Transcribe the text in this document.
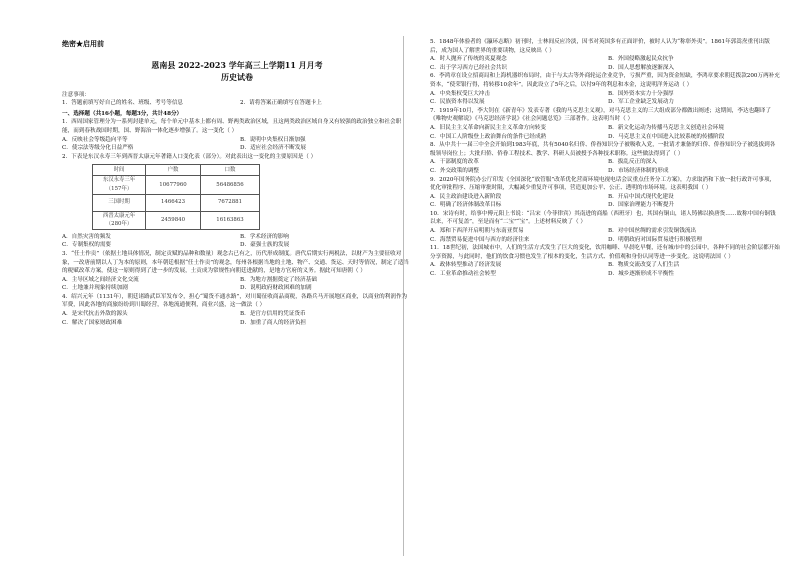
绝密★启用前
恩南县 2022-2023 学年高三上学期11 月月考
历史试卷
注意事项：
1．答题前填写好自己的姓名、班级、考号等信息	2．请将答案正确填写在答题卡上
一、选择题（共16小题，每题3分，共计48分）

1．西周国家管理分为一系列封建单元，每个单元中基本上都有周、野两类政治区域，且这两类政治区域自身又有较强的政治独立和社会职能，而到春秋战国时期，国、野海治一体化逐步增强了。这一变化（ ）

A．反映社会等级趋向平等	B．说明中央集权日渐加强
C．使宗法等级分化日益严格	D．适应社会经济不断发展

2．下表是东汉永寿三年到西晋太康元年著籍人口变化表（部分）。对此表出这一变化的主要原因是（ ）

时间	户数	口数
东汉永寿三年（157年）	10677960	56486856
三国时期	1466423	7672881
西晋太康元年（280年）	2459840	16163863
A．自然灾害的频发	B．学术经济的影响
C．专制集权的需要	D．豪强士族的发展

3．“任土作贡”（依据土地具体情况，制定贡赋的品种和数量）观念古已有之，历代形成制度。唐代后期实行两税法，以财产为主要征收对象，一改唐前期以人丁为本的原则，本年朝廷根据“任土作贡”的观念，每州各根据当地的土地、物产、交通、货运、天时等情况，制定了适当的税赋改革方案，使这一原则得到了进一步的发展，土贡成为常规性向朝廷进献的，是地方官府的义务。据此可知唐朝（ ）

A．主导区域之间经济文化交流	B．为地方割据奠定了经济基础
C．土地兼并现象持续加剧	D．说明政府财政困难的加剧

4．绍兴元年（1131年），朝廷诸路武臣军发布令，担心“蜀货不通水路”，对川蜀征收商品商税，各路兵马开展地区商业，以商业的利润作为军费，因此各地的商旅纷纷到川蜀经营，各地流通便利，商业兴盛，这一做法（ ）

A．是宋代抗击外敌的源头	B．是官方信用的凭证货币
C．解决了国家财政困难	D．加重了商人的经济负担

5．1848年体验者的《瀛环志略》初刊时，士林间反应冷淡，因书对英国多有正面评价，被时人认为“称彰外夷”。1861年郭嵩焘重刊出版后，成为国人了解世界的重要读物，这反映出（ ）

A．时人抛弃了传统的夷夏观念	B．外国侵略激起民众抗争
C．出于学习西方已经社会共识	D．国人思想解放逐渐深入

6．李鸿章在设立招商局和上海机器织布局时，由于与太古等外商轮运企业竞争，亏损严重，因为资金短缺，李鸿章要求朝廷拨款200万两补充资本，“使荣银行得，将转移10余年”。因此设立了5年之后，以付9年的利息和本金，这说明洋务运动（ ）

A．中央集权受巨大冲击	B．国外资本实力十分强厚
C．民族资本得以发展	D．军工企业缺乏发展动力

7．1919年10月，李大钊在《新青年》发表专著《我的马克思主义观》，对马克思主义的三大组成部分都做出阐述；这期间，李达也翻译了《唯物史观解说》《马克思经济学说》《社会问题总览》三部著作。这表明当时（ ）

A．旧民主主义革命向新民主主义革命方向转变	B．新文化运动为传播马克思主义创造社会环境
C．中国工人阶级登上政治舞台的条件已经成熟	D．马克思主义在中国进入比较系统的传播阶段

8．从中共十一届三中全会开始到1983年底，共有5040名归侨、侨眷知识分子被吸收入党，一批请才兼备的归侨、侨眷知识分子被选拔到各级领导岗位上；大批归侨、侨眷工程技术、教学、科研人员被授予各种技术职称。这些做法得到了（ ）

A．干部制度的改革	B．拔乱反正的深入
C．外交政策的调整	D．市场经济体制的形成

9．2020年国务院办公厅印发《全国深化“放管服”改革优化营商环境电视电话会议重点任务分工方案》，力求取消和下放一批行政许可事项，优化审批程序、压缩审批时限，大幅减少重复许可事项，营造更加公平、公正、透明的市场环境。这表明我国（ ）

A．民主政治建设进入新阶段	B．开启中国式现代化建设
C．明确了经济体制改革目标	D．国家治理能力不断提升

10．宋诗有时，给事中傅元阳上书说：“吕宋（今菲律宾）其南进的商船（西班牙）也，其国有铜山，诸人铸佛以换唐货……故称中国有铜钱以来，不可复盖”，至是而有“二宝”“宝”。上述材料反映了（ ）

A．郑和下西洋开启明朝与东南亚贸易	B．对中国丝绸的需求引发铜钱流出
C．海禁贸易促进中国与西方的经济往来	D．明朝政府对国际贸易进行积极管理

11．18世纪初，法国城市中，人们的生活方式发生了巨大的变化，饮用咖啡、早晨吃早餐，还有城市中的公园中，各种不同的社会阶层都开始分享资源，与此同时，他们的饮食习惯也发生了根本的变化，生活方式、价值观和身份认同等进一步变化。这说明法国（ ）

A．政体转型推动了经济发展	B．物质交流改变了人们生活
C．工业革命推动社会转型	D．城乡逐渐形成不平衡性
